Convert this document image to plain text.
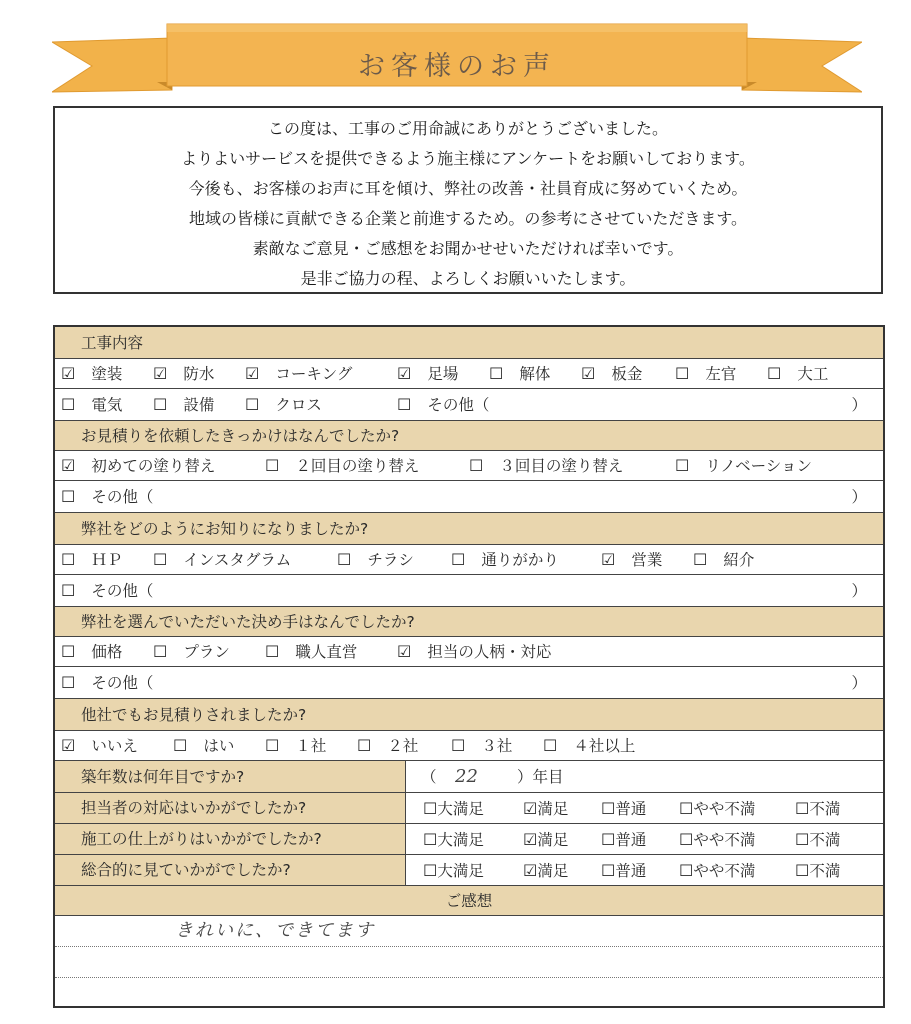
お客様のお声
この度は、工事のご用命誠にありがとうございました。
よりよいサービスを提供できるよう施主様にアンケートをお願いしております。
今後も、お客様のお声に耳を傾け、弊社の改善・社員育成に努めていくため。
地域の皆様に貢献できる企業と前進するため。の参考にさせていただきます。
素敵なご意見・ご感想をお聞かせせいただければ幸いです。
是非ご協力の程、よろしくお願いいたします。
工事内容
☑　 塗装 ☑　 防水 ☑　 コーキング	☑　 足場 ☐　 解体 ☑　 板金 ☐　 左官 ☐　 大工
☐　 電気 ☐　 設備 ☐　 クロス	☐　 その他（	）
お見積りを依頼したきっかけはなんでしたか?
☑　 初めての塗り替え	☐　 ２回目の塗り替え	☐　 ３回目の塗り替え	☐　 リノベーション
☐　 その他（	）
弊社をどのようにお知りになりましたか?
☐　 ＨＰ ☐　 インスタグラム	☐　 チラシ ☐　 通りがかり	☑　 営業 ☐　 紹介
☐　 その他（	）
弊社を選んでいただいた決め手はなんでしたか?
☐　 価格 ☐　 プラン ☐　 職人直営 ☑　 担当の人柄・対応
☐　 その他（	）
他社でもお見積りされましたか?
☑　 いいえ ☐　 はい ☐　 １社 ☐　 ２社 ☐　 ３社 ☐　 ４社以上
築年数は何年目ですか?	（ 22	）年目
担当者の対応はいかがでしたか?	☐大満足 ☑満足 ☐普通 ☐やや不満 ☐不満
施工の仕上がりはいかがでしたか?	☐大満足 ☑満足 ☐普通 ☐やや不満 ☐不満
総合的に見ていかがでしたか?	☐大満足 ☑満足 ☐普通 ☐やや不満 ☐不満
ご感想
きれいに、できてます
